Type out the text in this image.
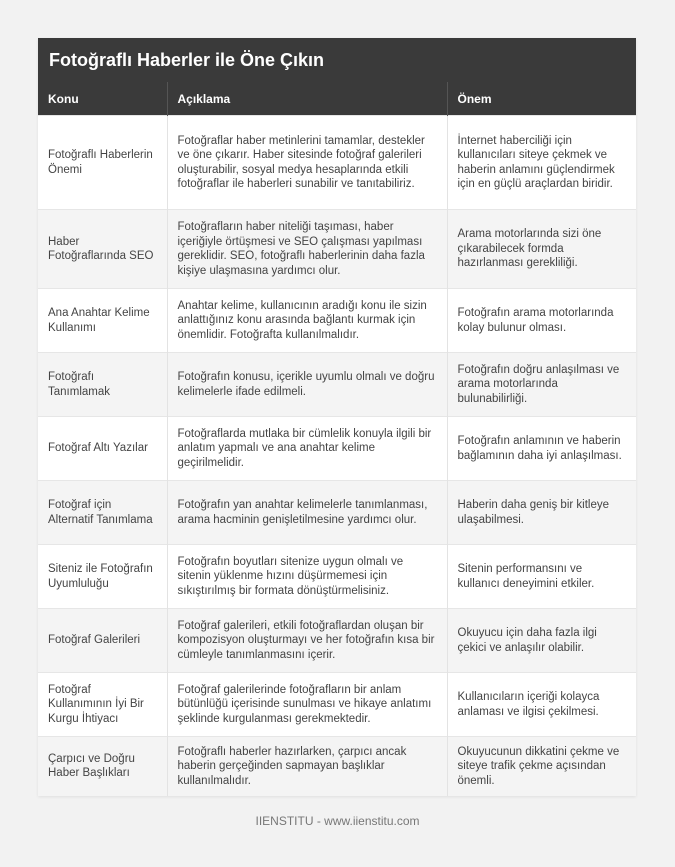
Fotoğraflı Haberler ile Öne Çıkın
Konu	Açıklama	Önem
Fotoğraflı Haberlerin Önemi	Fotoğraflar haber metinlerini tamamlar, destekler ve öne çıkarır. Haber sitesinde fotoğraf galerileri oluşturabilir, sosyal medya hesaplarında etkili fotoğraflar ile haberleri sunabilir ve tanıtabiliriz.	İnternet haberciliği için kullanıcıları siteye çekmek ve haberin anlamını güçlendirmek için en güçlü araçlardan biridir.
Haber Fotoğraflarında SEO	Fotoğrafların haber niteliği taşıması, haber içeriğiyle örtüşmesi ve SEO çalışması yapılması gereklidir. SEO, fotoğraflı haberlerinin daha fazla kişiye ulaşmasına yardımcı olur.	Arama motorlarında sizi öne çıkarabilecek formda hazırlanması gerekliliği.
Ana Anahtar Kelime Kullanımı	Anahtar kelime, kullanıcının aradığı konu ile sizin anlattığınız konu arasında bağlantı kurmak için önemlidir. Fotoğrafta kullanılmalıdır.	Fotoğrafın arama motorlarında kolay bulunur olması.
Fotoğrafı Tanımlamak	Fotoğrafın konusu, içerikle uyumlu olmalı ve doğru kelimelerle ifade edilmeli.	Fotoğrafın doğru anlaşılması ve arama motorlarında bulunabilirliği.
Fotoğraf Altı Yazılar	Fotoğraflarda mutlaka bir cümlelik konuyla ilgili bir anlatım yapmalı ve ana anahtar kelime geçirilmelidir.	Fotoğrafın anlamının ve haberin bağlamının daha iyi anlaşılması.
Fotoğraf için Alternatif Tanımlama	Fotoğrafın yan anahtar kelimelerle tanımlanması, arama hacminin genişletilmesine yardımcı olur.	Haberin daha geniş bir kitleye ulaşabilmesi.
Siteniz ile Fotoğrafın Uyumluluğu	Fotoğrafın boyutları sitenize uygun olmalı ve sitenin yüklenme hızını düşürmemesi için sıkıştırılmış bir formata dönüştürmelisiniz.	Sitenin performansını ve kullanıcı deneyimini etkiler.
Fotoğraf Galerileri	Fotoğraf galerileri, etkili fotoğraflardan oluşan bir kompozisyon oluşturmayı ve her fotoğrafın kısa bir cümleyle tanımlanmasını içerir.	Okuyucu için daha fazla ilgi çekici ve anlaşılır olabilir.
Fotoğraf Kullanımının İyi Bir Kurgu İhtiyacı	Fotoğraf galerilerinde fotoğrafların bir anlam bütünlüğü içerisinde sunulması ve hikaye anlatımı şeklinde kurgulanması gerekmektedir.	Kullanıcıların içeriği kolayca anlaması ve ilgisi çekilmesi.
Çarpıcı ve Doğru Haber Başlıkları	Fotoğraflı haberler hazırlarken, çarpıcı ancak haberin gerçeğinden sapmayan başlıklar kullanılmalıdır.	Okuyucunun dikkatini çekme ve siteye trafik çekme açısından önemli.
IIENSTITU - www.iienstitu.com
